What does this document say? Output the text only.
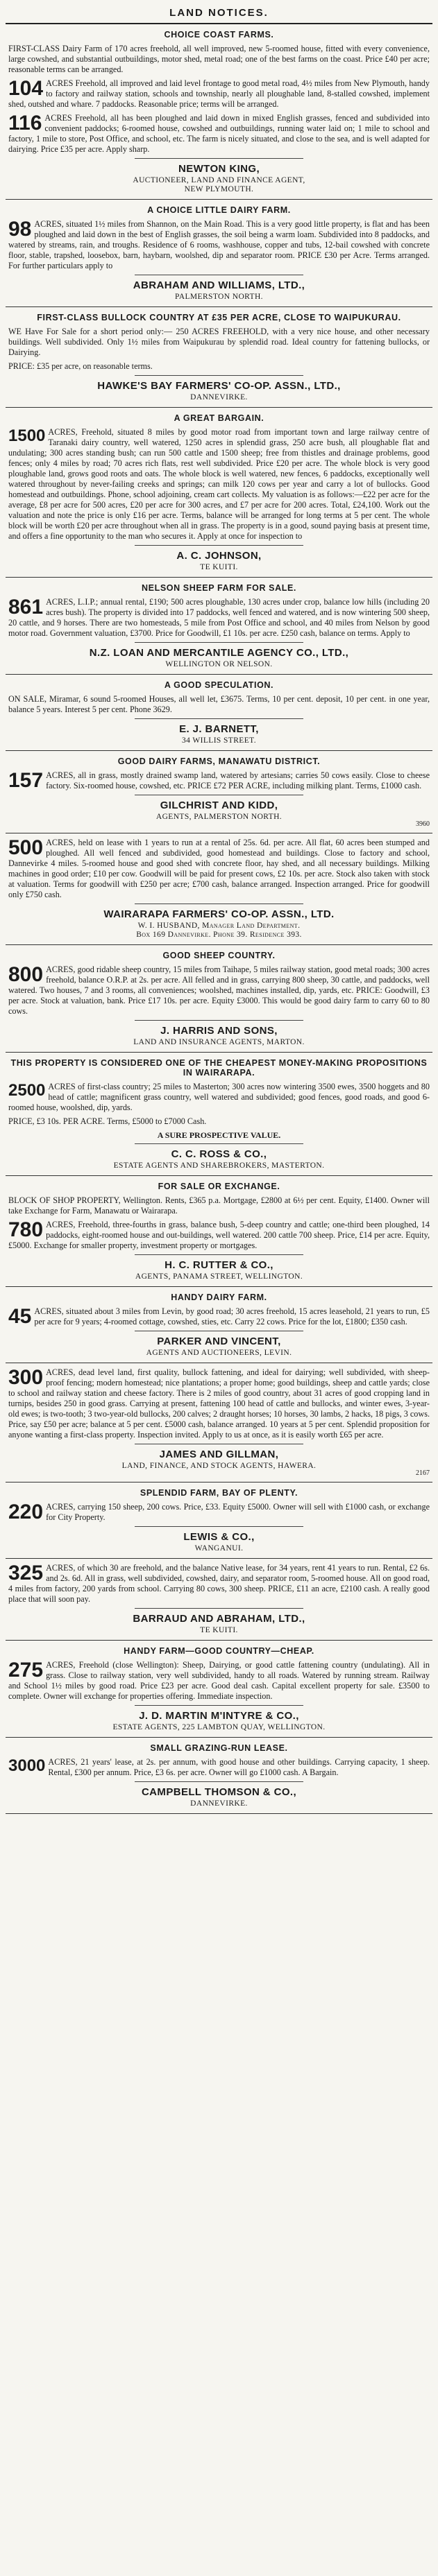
LAND NOTICES.
CHOICE COAST FARMS.

FIRST-CLASS Dairy Farm of 170 acres freehold, all well improved, new 5-roomed house, fitted with every convenience, large cowshed, and substantial outbuildings, motor shed, metal road; one of the best farms on the coast. Price £40 per acre; reasonable terms can be arranged.

104 ACRES Freehold, all improved and laid level frontage to good metal road, 4½ miles from New Plymouth, handy to factory and railway station, schools and township, nearly all ploughable land, 8-stalled cowshed, implement shed, outshed and whare. 7 paddocks. Reasonable price; terms will be arranged.

116 ACRES Freehold, all has been ploughed and laid down in mixed English grasses, fenced and subdivided into convenient paddocks; 6-roomed house, cowshed and outbuildings, running water laid on; 1 mile to school and factory, 1 mile to store, Post Office, and school, etc. The farm is nicely situated, and close to the sea, and is well adapted for dairying. Price £35 per acre. Apply sharp.

NEWTON KING,
AUCTIONEER, LAND AND FINANCE AGENT,
NEW PLYMOUTH.
A CHOICE LITTLE DAIRY FARM.

98 ACRES, situated 1½ miles from Shannon, on the Main Road. This is a very good little property, is flat and has been ploughed and laid down in the best of English grasses, the soil being a warm loam. Subdivided into 8 paddocks, and watered by streams, rain, and troughs. Residence of 6 rooms, washhouse, copper and tubs, 12-bail cowshed with concrete floor, stable, trapshed, loosebox, barn, haybarn, woolshed, dip and separator room. PRICE £30 per Acre. Terms arranged. For further particulars apply to

ABRAHAM AND WILLIAMS, LTD.,
PALMERSTON NORTH.
FIRST-CLASS BULLOCK COUNTRY AT £35 PER ACRE, CLOSE TO WAIPUKURAU.

WE Have For Sale for a short period only:— 250 ACRES FREEHOLD, with a very nice house, and other necessary buildings. Well subdivided. Only 1½ miles from Waipukurau by splendid road. Ideal country for fattening bullocks, or Dairying.

PRICE: £35 per acre, on reasonable terms.

HAWKE'S BAY FARMERS' CO-OP. ASSN., LTD.,
DANNEVIRKE.
A GREAT BARGAIN.

1500 ACRES, Freehold, situated 8 miles by good motor road from important town and large railway centre of Taranaki dairy country, well watered, 1250 acres in splendid grass, 250 acre bush, all ploughable flat and undulating; 300 acres standing bush; can run 500 cattle and 1500 sheep; free from thistles and drainage problems, good fences; only 4 miles by road; 70 acres rich flats, rest well subdivided. Price £20 per acre. The whole block is very good ploughable land, grows good roots and oats. The whole block is well watered, new fences, 6 paddocks, exceptionally well watered throughout by never-failing creeks and springs; can milk 120 cows per year and carry a lot of bullocks. Good homestead and outbuildings. Phone, school adjoining, cream cart collects. My valuation is as follows:—£22 per acre for the average, £8 per acre for 500 acres, £20 per acre for 300 acres, and £7 per acre for 200 acres. Total, £24,100. Work out the valuation and note the price is only £16 per acre. Terms, balance will be arranged for long terms at 5 per cent. The whole block will be worth £20 per acre throughout when all in grass. The property is in a good, sound paying basis at present time, and offers a fine opportunity to the man who secures it. Apply at once for inspection to

A. C. JOHNSON,
TE KUITI.
NELSON SHEEP FARM FOR SALE.

861 ACRES, L.I.P.; annual rental, £190; 500 acres ploughable, 130 acres under crop, balance low hills (including 20 acres bush). The property is divided into 17 paddocks, well fenced and watered, and is now wintering 500 sheep, 20 cattle, and 9 horses. There are two homesteads, 5 mile from Post Office and school, and 40 miles from Nelson by good motor road. Government valuation, £3700. Price for Goodwill, £1 10s. per acre. £250 cash, balance on terms. Apply to

N.Z. LOAN AND MERCANTILE AGENCY CO., LTD.,
WELLINGTON OR NELSON.
A GOOD SPECULATION.

ON SALE, Miramar, 6 sound 5-roomed Houses, all well let, £3675. Terms, 10 per cent. deposit, 10 per cent. in one year, balance 5 years. Interest 5 per cent. Phone 3629.

E. J. BARNETT,
34 WILLIS STREET.
GOOD DAIRY FARMS, MANAWATU DISTRICT.

157 ACRES, all in grass, mostly drained swamp land, watered by artesians; carries 50 cows easily. Close to cheese factory. Six-roomed house, cowshed, etc. PRICE £72 PER ACRE, including milking plant. Terms, £1000 cash.

GILCHRIST AND KIDD,
AGENTS, PALMERSTON NORTH.
3960

500 ACRES, held on lease with 1 years to run at a rental of 25s. 6d. per acre. All flat, 60 acres been stumped and ploughed. All well fenced and subdivided, good homestead and buildings. Close to factory and school, Dannevirke 4 miles. 5-roomed house and good shed with concrete floor, hay shed, and all necessary buildings. Milking machines in good order; £10 per cow. Goodwill will be paid for present cows, £2 10s. per acre. Stock also taken with stock at valuation. Terms for goodwill with £250 per acre; £700 cash, balance arranged. Inspection arranged. Price for goodwill only £750 cash.

WAIRARAPA FARMERS' CO-OP. ASSN., LTD.
W. I. HUSBAND, Manager Land Department.
Box 169 Dannevirke. Phone 39. Residence 393.
GOOD SHEEP COUNTRY.

800 ACRES, good ridable sheep country, 15 miles from Taihape, 5 miles railway station, good metal roads; 300 acres freehold, balance O.R.P. at 2s. per acre. All felled and in grass, carrying 800 sheep, 30 cattle, and paddocks, well watered. Two houses, 7 and 3 rooms, all conveniences; woolshed, machines installed, dip, yards, etc. PRICE: Goodwill, £3 per acre. Stock at valuation, bank. Price £17 10s. per acre. Equity £3000. This would be good dairy farm to carry 60 to 80 cows.

J. HARRIS AND SONS,
LAND AND INSURANCE AGENTS, MARTON.
THIS PROPERTY IS CONSIDERED ONE OF THE CHEAPEST MONEY-MAKING PROPOSITIONS IN WAIRARAPA.

2500 ACRES of first-class country; 25 miles to Masterton; 300 acres now wintering 3500 ewes, 3500 hoggets and 80 head of cattle; magnificent grass country, well watered and subdivided; good fences, good roads, and good 6-roomed house, woolshed, dip, yards.

PRICE, £3 10s. PER ACRE. Terms, £5000 to £7000 Cash.

A SURE PROSPECTIVE VALUE.
C. C. ROSS & CO.,
ESTATE AGENTS AND SHAREBROKERS, MASTERTON.
FOR SALE OR EXCHANGE.

BLOCK OF SHOP PROPERTY, Wellington. Rents, £365 p.a. Mortgage, £2800 at 6½ per cent. Equity, £1400. Owner will take Exchange for Farm, Manawatu or Wairarapa.

780 ACRES, Freehold, three-fourths in grass, balance bush, 5-deep country and cattle; one-third been ploughed, 14 paddocks, eight-roomed house and out-buildings, well watered. 200 cattle 700 sheep. Price, £14 per acre. Equity, £5000. Exchange for smaller property, investment property or mortgages.

H. C. RUTTER & CO.,
AGENTS, PANAMA STREET, WELLINGTON.
HANDY DAIRY FARM.

45 ACRES, situated about 3 miles from Levin, by good road; 30 acres freehold, 15 acres leasehold, 21 years to run, £5 per acre for 9 years; 4-roomed cottage, cowshed, sties, etc. Carry 22 cows. Price for the lot, £1800; £350 cash.

PARKER AND VINCENT,
AGENTS AND AUCTIONEERS, LEVIN.

300 ACRES, dead level land, first quality, bullock fattening, and ideal for dairying; well subdivided, with sheep-proof fencing; modern homestead; nice plantations; a proper home; good buildings, sheep and cattle yards; close to school and railway station and cheese factory. There is 2 miles of good country, about 31 acres of good cropping land in turnips, besides 250 in good grass. Carrying at present, fattening 100 head of cattle and bullocks, and winter ewes, 3-year-old ewes; is two-tooth; 3 two-year-old bullocks, 200 calves; 2 draught horses; 10 horses, 30 lambs, 2 hacks, 18 pigs, 3 cows. Price, say £50 per acre; balance at 5 per cent. £5000 cash, balance arranged. 10 years at 5 per cent. Splendid proposition for anyone wanting a first-class property. Inspection invited. Apply to us at once, as it is easily worth £65 per acre.

JAMES AND GILLMAN,
LAND, FINANCE, AND STOCK AGENTS, HAWERA.
2167
SPLENDID FARM, BAY OF PLENTY.

220 ACRES, carrying 150 sheep, 200 cows. Price, £33. Equity £5000. Owner will sell with £1000 cash, or exchange for City Property.

LEWIS & CO.,
WANGANUI.

325 ACRES, of which 30 are freehold, and the balance Native lease, for 34 years, rent 41 years to run. Rental, £2 6s. and 2s. 6d. All in grass, well subdivided, cowshed, dairy, and separator room, 5-roomed house. All on good road, 4 miles from factory, 200 yards from school. Carrying 80 cows, 300 sheep. PRICE, £11 an acre, £2100 cash. A really good place that will soon pay.

BARRAUD AND ABRAHAM, LTD.,
TE KUITI.
HANDY FARM—GOOD COUNTRY—CHEAP.

275 ACRES, Freehold (close Wellington): Sheep, Dairying, or good cattle fattening country (undulating). All in grass. Close to railway station, very well subdivided, handy to all roads. Watered by running stream. Railway and School 1½ miles by good road. Price £23 per acre. Good deal cash. Capital excellent property for sale. £3500 to complete. Owner will exchange for properties offering. Immediate inspection.

J. D. MARTIN M'INTYRE & CO.,
ESTATE AGENTS, 225 LAMBTON QUAY, WELLINGTON.
SMALL GRAZING-RUN LEASE.

3000 ACRES, 21 years' lease, at 2s. per annum, with good house and other buildings. Carrying capacity, 1 sheep. Rental, £300 per annum. Price, £3 6s. per acre. Owner will go £1000 cash. A Bargain.

CAMPBELL THOMSON & CO.,
DANNEVIRKE.
